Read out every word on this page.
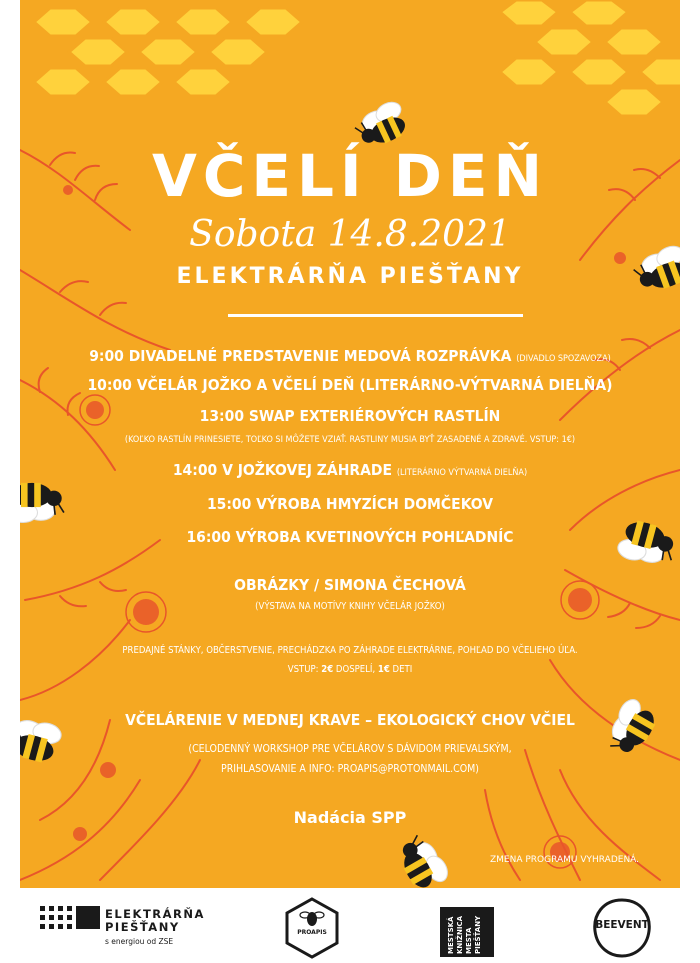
VČELÍ DEŇ
Sobota 14.8.2021
ELEKTRÁRŇA PIEŠŤANY
9:00 DIVADELNÉ PREDSTAVENIE MEDOVÁ ROZPRÁVKA (DIVADLO SPOZAVOZA)
10:00 VČELÁR JOŽKO A VČELÍ DEŇ (LITERÁRNO-VÝTVARNÁ DIELŇA)
13:00 SWAP EXTERIÉROVÝCH RASTLÍN
(KOĽKO RASTLÍN PRINESIETE, TOĽKO SI MÔŽETE VZIAŤ. RASTLINY MUSIA BYŤ ZASADENÉ A ZDRAVÉ. VSTUP: 1€)
14:00 V JOŽKOVEJ ZÁHRADE (LITERÁRNO VÝTVARNÁ DIELŇA)
15:00 VÝROBA HMYZÍCH DOMČEKOV
16:00 VÝROBA KVETINOVÝCH POHĽADNÍC
OBRÁZKY / SIMONA ČECHOVÁ
(VÝSTAVA NA MOTÍVY KNIHY VČELÁR JOŽKO)
PREDAJNÉ STÁNKY, OBČERSTVENIE, PRECHÁDZKA PO ZÁHRADE ELEKTRÁRNE, POHĽAD DO VČELIEHO ÚĽA.
VSTUP: 2€ DOSPELÍ, 1€ DETI
VČELÁRENIE V MEDNEJ KRAVE – EKOLOGICKÝ CHOV VČIEL
(CELODENNÝ WORKSHOP PRE VČELÁROV S DÁVIDOM PRIEVALSKÝM,
PRIHLASOVANIE A INFO: PROAPIS@PROTONMAIL.COM)
Nadácia SPP
ZMENA PROGRAMU VYHRADENÁ.
ELEKTRÁRŇA
PIEŠŤANY
s energiou od ZSE
PROAPIS	MESTSKÁ KNIŽNICA MESTA PIEŠŤANY	BEEVENT
